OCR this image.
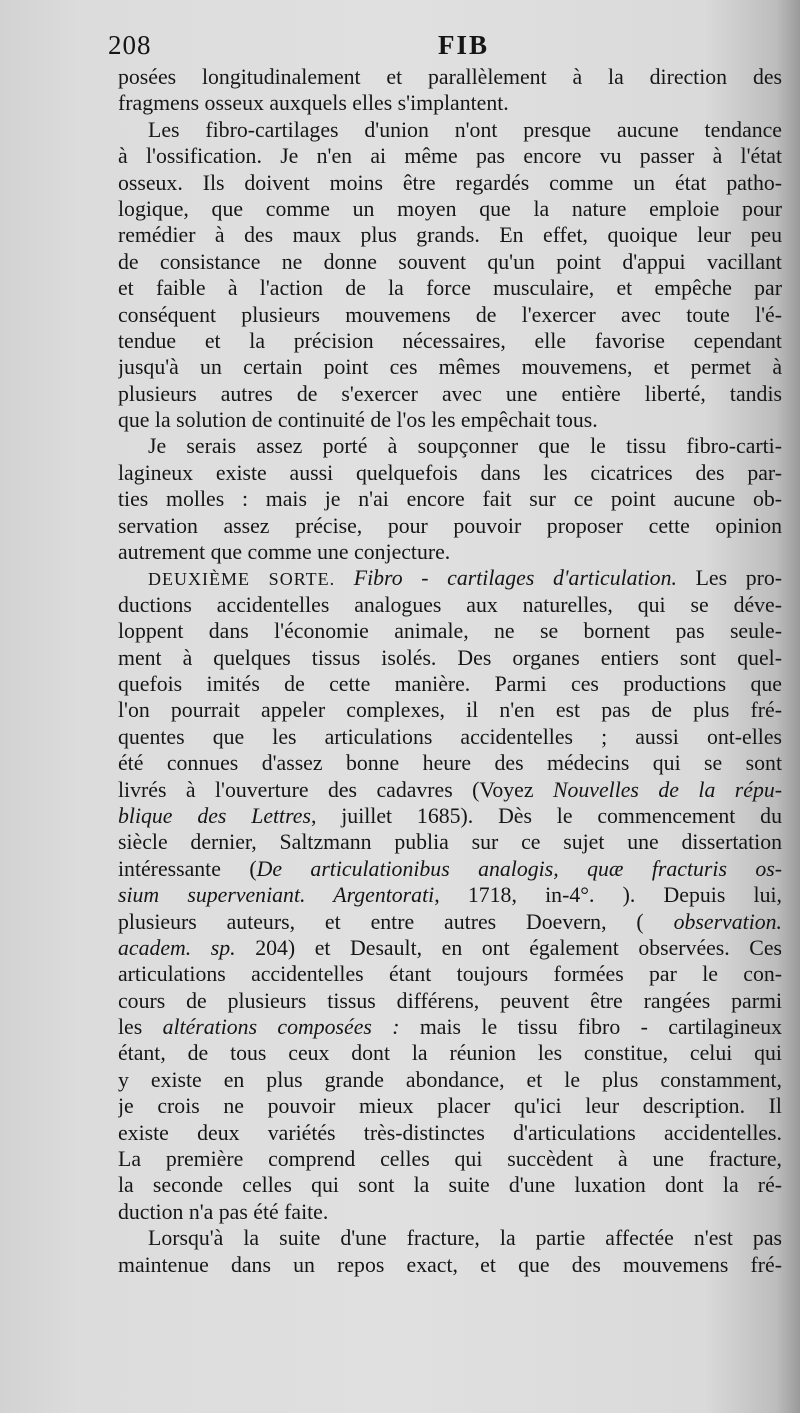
208	FIB
posées longitudinalement et parallèlement à la direction des
fragmens osseux auxquels elles s'implantent.
Les fibro-cartilages d'union n'ont presque aucune tendance
à l'ossification. Je n'en ai même pas encore vu passer à l'état
osseux. Ils doivent moins être regardés comme un état patho-
logique, que comme un moyen que la nature emploie pour
remédier à des maux plus grands. En effet, quoique leur peu
de consistance ne donne souvent qu'un point d'appui vacillant
et faible à l'action de la force musculaire, et empêche par
conséquent plusieurs mouvemens de l'exercer avec toute l'é-
tendue et la précision nécessaires, elle favorise cependant
jusqu'à un certain point ces mêmes mouvemens, et permet à
plusieurs autres de s'exercer avec une entière liberté, tandis
que la solution de continuité de l'os les empêchait tous.
Je serais assez porté à soupçonner que le tissu fibro-carti-
lagineux existe aussi quelquefois dans les cicatrices des par-
ties molles : mais je n'ai encore fait sur ce point aucune ob-
servation assez précise, pour pouvoir proposer cette opinion
autrement que comme une conjecture.
DEUXIÈME SORTE. Fibro - cartilages d'articulation. Les pro-
ductions accidentelles analogues aux naturelles, qui se déve-
loppent dans l'économie animale, ne se bornent pas seule-
ment à quelques tissus isolés. Des organes entiers sont quel-
quefois imités de cette manière. Parmi ces productions que
l'on pourrait appeler complexes, il n'en est pas de plus fré-
quentes que les articulations accidentelles ; aussi ont-elles
été connues d'assez bonne heure des médecins qui se sont
livrés à l'ouverture des cadavres (Voyez Nouvelles de la répu-
blique des Lettres, juillet 1685). Dès le commencement du
siècle dernier, Saltzmann publia sur ce sujet une dissertation
intéressante (De articulationibus analogis, quæ fracturis os-
sium superveniant. Argentorati, 1718, in-4°. ). Depuis lui,
plusieurs auteurs, et entre autres Doevern, ( observation.
academ. sp. 204) et Desault, en ont également observées. Ces
articulations accidentelles étant toujours formées par le con-
cours de plusieurs tissus différens, peuvent être rangées parmi
les altérations composées : mais le tissu fibro - cartilagineux
étant, de tous ceux dont la réunion les constitue, celui qui
y existe en plus grande abondance, et le plus constamment,
je crois ne pouvoir mieux placer qu'ici leur description. Il
existe deux variétés très-distinctes d'articulations accidentelles.
La première comprend celles qui succèdent à une fracture,
la seconde celles qui sont la suite d'une luxation dont la ré-
duction n'a pas été faite.
Lorsqu'à la suite d'une fracture, la partie affectée n'est pas
maintenue dans un repos exact, et que des mouvemens fré-
